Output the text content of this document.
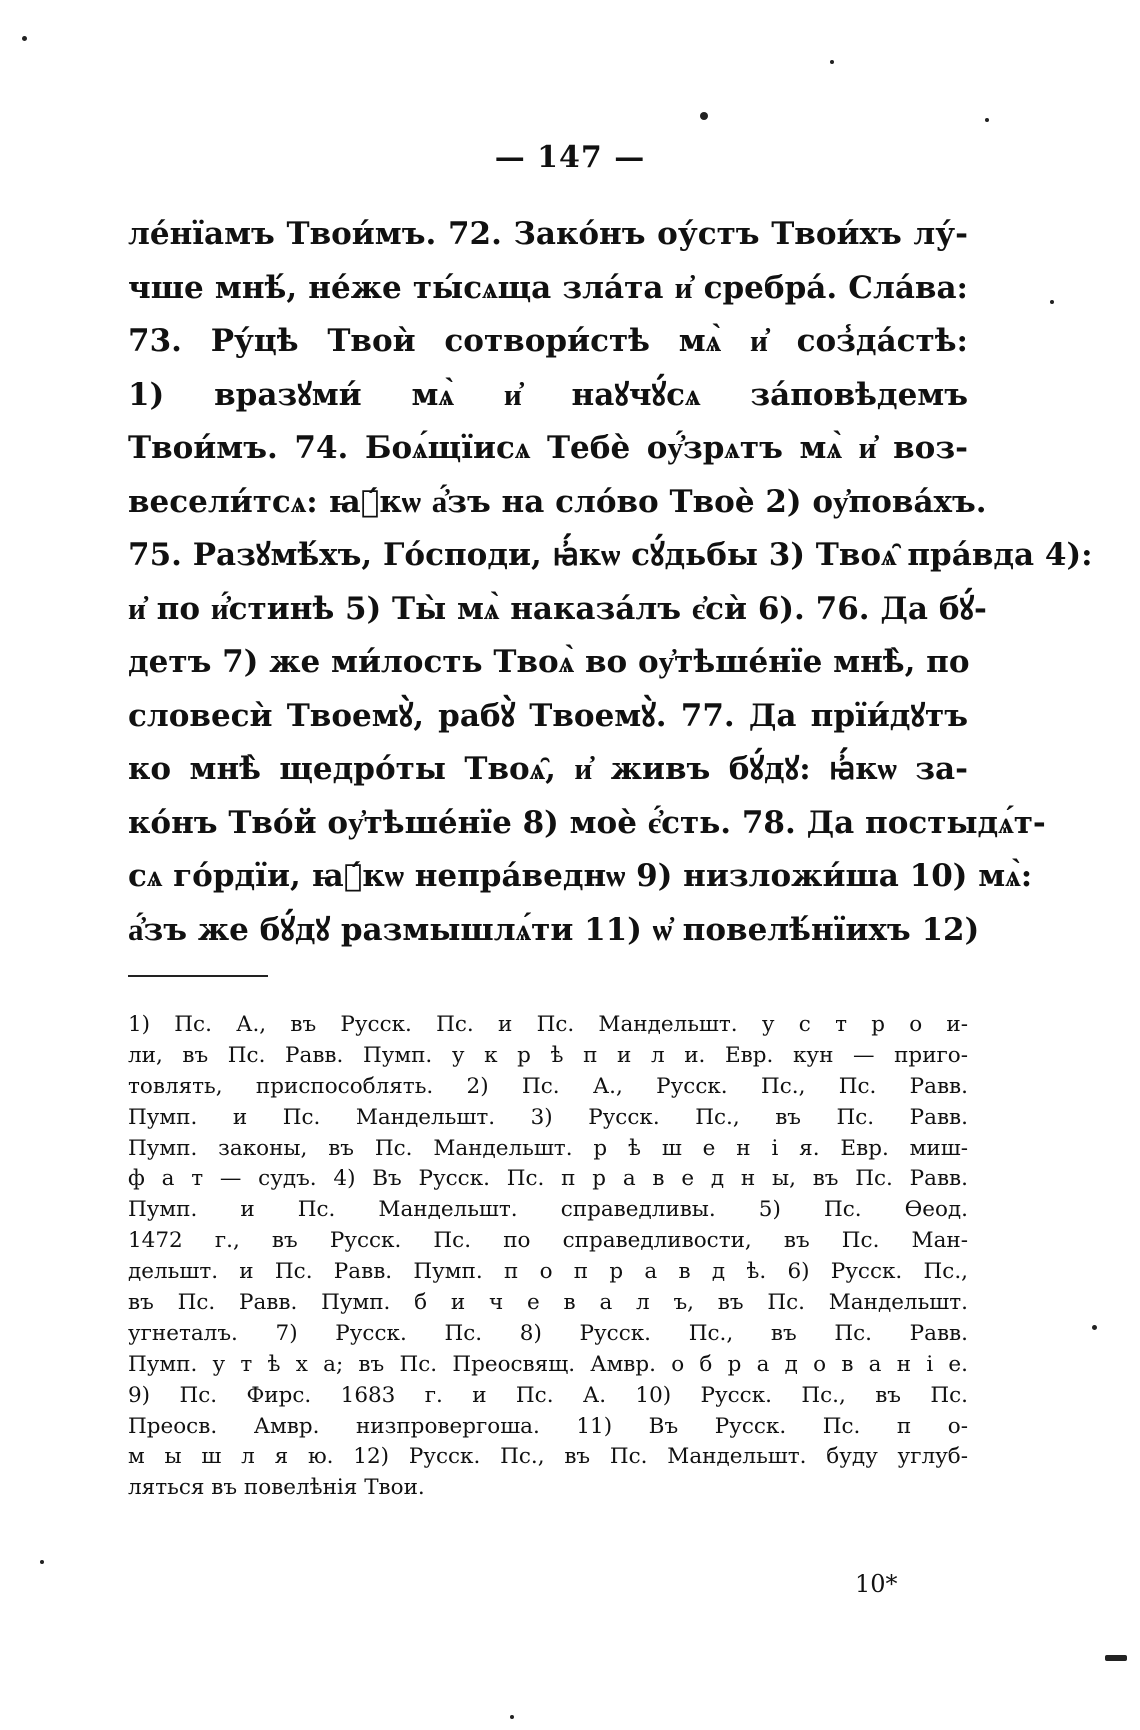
— 147 —
ле́нїамъ Твои́мъ. 72. Зако́нъ оу́стъ Твои́хъ лу́-
чше мнѣ́, не́же ты́сѧща зла́та и҆ сребра́. Сла́ва:
73. Ру́цѣ Твоѝ сотвори́стѣ мѧ̀ и҆ соз̾да́стѣ:
1) вразꙋми́ мѧ̀ и҆ наꙋчꙋ́сѧ за́повѣдемъ
Твои́мъ. 74. Боѧ́щїисѧ Тебѐ оу҆́зрѧтъ мѧ̀ и҆ воз-
весели́тсѧ: ꙗ҆́кѡ а҆́зъ на сло́во Твоѐ 2) оу҆пова́хъ.
75. Разꙋмѣ́хъ, Го́споди, ꙗ҆́кѡ сꙋ́дьбы 3) Твоѧ̑ пра́вда 4):
и҆ по и҆́стинѣ 5) Ты̀ мѧ̀ наказа́лъ є҆сѝ 6). 76. Да бꙋ́-
детъ 7) же ми́лость Твоѧ̀ во оу҆тѣше́нїе мнѣ̀, по
словесѝ Твоемꙋ̀, рабꙋ̀ Твоемꙋ̀. 77. Да прїи́дꙋтъ
ко мнѣ̀ щедро́ты Твоѧ̑, и҆ живъ бꙋ́дꙋ: ꙗ҆́кѡ за-
ко́нъ Тво́й оу҆тѣше́нїе 8) моѐ є҆́сть. 78. Да постыдѧ́т-
сѧ го́рдїи, ꙗ҆́кѡ непра́веднѡ 9) низложи́ша 10) мѧ̀:
а҆́зъ же бꙋ́дꙋ размышлѧ́ти 11) ѡ҆ повелѣ́нїихъ 12)
1) Пс. А., въ Русск. Пс. и Пс. Мандельшт. у с т р о и-
ли, въ Пс. Равв. Пумп. у к р ѣ п и л и. Евр. кун — приго-
товлять, приспособлять. 2) Пс. А., Русск. Пс., Пс. Равв.
Пумп. и Пс. Мандельшт. 3) Русск. Пс., въ Пс. Равв.
Пумп. законы, въ Пс. Мандельшт. р ѣ ш е н і я. Евр. миш-
ф а т — судъ. 4) Въ Русск. Пс. п р а в е д н ы, въ Пс. Равв.
Пумп. и Пс. Мандельшт. справедливы. 5) Пс. Өеод.
1472 г., въ Русск. Пс. по справедливости, въ Пс. Ман-
дельшт. и Пс. Равв. Пумп. п о п р а в д ѣ. 6) Русск. Пс.,
въ Пс. Равв. Пумп. б и ч е в а л ъ, въ Пс. Мандельшт.
угнеталъ. 7) Русск. Пс. 8) Русск. Пс., въ Пс. Равв.
Пумп. у т ѣ х а; въ Пс. Преосвящ. Амвр. о б р а д о в а н і е.
9) Пс. Фирс. 1683 г. и Пс. А. 10) Русск. Пс., въ Пс.
Преосв. Амвр. низпровергоша. 11) Въ Русск. Пс. п о-
м ы ш л я ю. 12) Русск. Пс., въ Пс. Мандельшт. буду углуб-
ляться въ повелѣнія Твои.
10*
